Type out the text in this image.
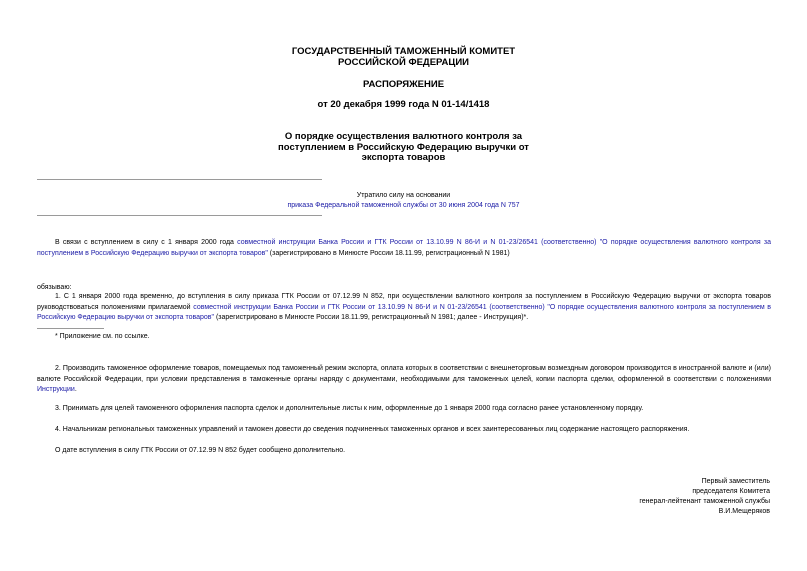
ГОСУДАРСТВЕННЫЙ ТАМОЖЕННЫЙ КОМИТЕТ
РОССИЙСКОЙ ФЕДЕРАЦИИ
РАСПОРЯЖЕНИЕ
от 20 декабря 1999 года N 01-14/1418
О порядке осуществления валютного контроля за
поступлением в Российскую Федерацию выручки от
экспорта товаров
Утратило силу на основании
приказа Федеральной таможенной службы от 30 июня 2004 года N 757
В связи с вступлением в силу с 1 января 2000 года совместной инструкции Банка России и ГТК России от 13.10.99 N 86-И и N 01-23/26541 (соответственно) "О порядке осуществления валютного контроля за поступлением в Российскую Федерацию выручки от экспорта товаров" (зарегистрировано в Минюсте России 18.11.99, регистрационный N 1981)
обязываю:
1. С 1 января 2000 года временно, до вступления в силу приказа ГТК России от 07.12.99 N 852, при осуществлении валютного контроля за поступлением в Российскую Федерацию выручки от экспорта товаров руководствоваться положениями прилагаемой совместной инструкции Банка России и ГТК России от 13.10.99 N 86-И и N 01-23/26541 (соответственно) "О порядке осуществления валютного контроля за поступлением в Российскую Федерацию выручки от экспорта товаров" (зарегистрировано в Минюсте России 18.11.99, регистрационный N 1981; далее - Инструкция)*.
* Приложение см. по ссылке.
2. Производить таможенное оформление товаров, помещаемых под таможенный режим экспорта, оплата которых в соответствии с внешнеторговым возмездным договором производится в иностранной валюте и (или) валюте Российской Федерации, при условии представления в таможенные органы наряду с документами, необходимыми для таможенных целей, копии паспорта сделки, оформленной в соответствии с положениями Инструкции.
3. Принимать для целей таможенного оформления паспорта сделок и дополнительные листы к ним, оформленные до 1 января 2000 года согласно ранее установленному порядку.
4. Начальникам региональных таможенных управлений и таможен довести до сведения подчиненных таможенных органов и всех заинтересованных лиц содержание настоящего распоряжения.
О дате вступления в силу ГТК России от 07.12.99 N 852 будет сообщено дополнительно.
Первый заместитель
председателя Комитета
генерал-лейтенант таможенной службы
В.И.Мещеряков
